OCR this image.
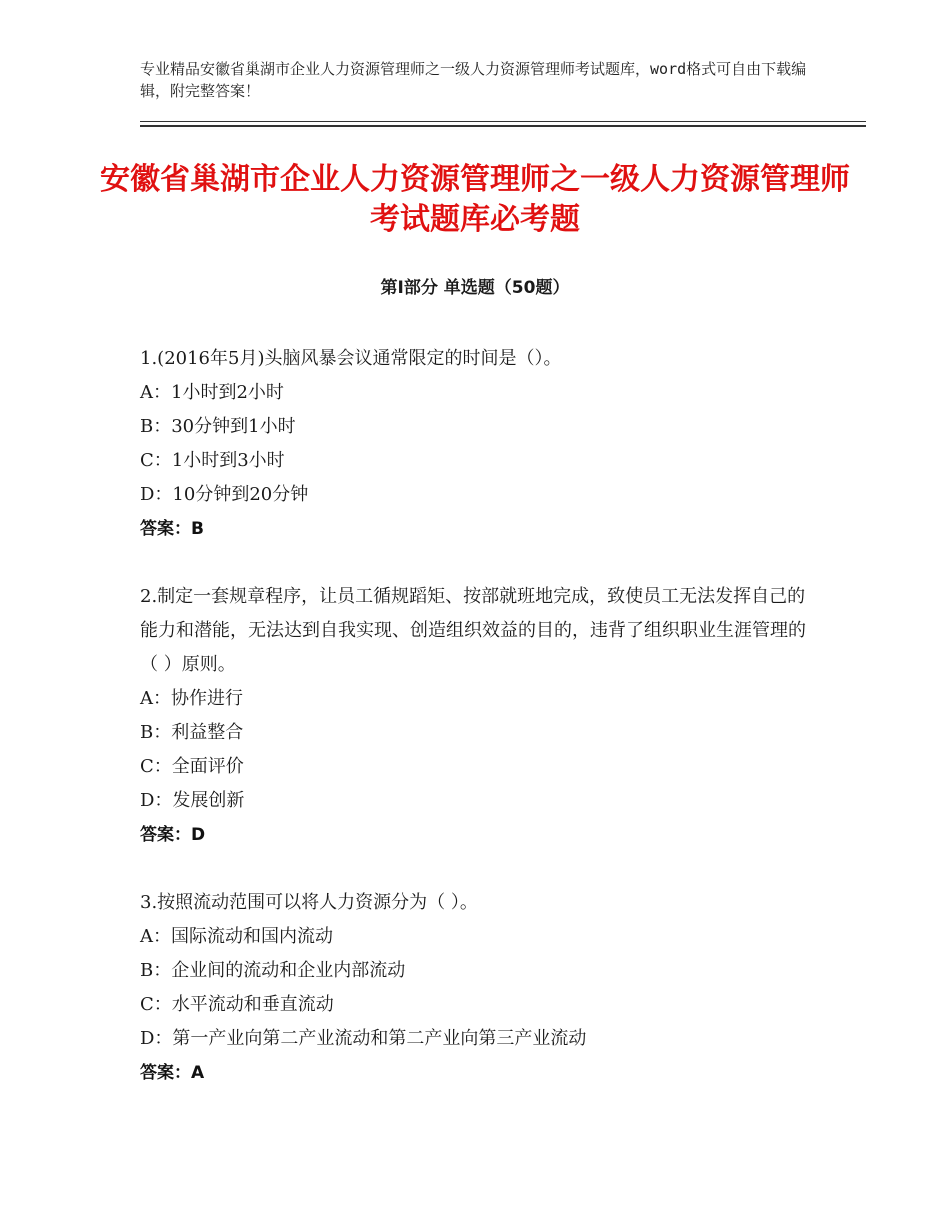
专业精品安徽省巢湖市企业人力资源管理师之一级人力资源管理师考试题库，word格式可自由下载编辑，附完整答案！
安徽省巢湖市企业人力资源管理师之一级人力资源管理师考试题库必考题
第Ⅰ部分 单选题（50题）
1.(2016年5月)头脑风暴会议通常限定的时间是（）。
A：1小时到2小时
B：30分钟到1小时
C：1小时到3小时
D：10分钟到20分钟
答案：B
2.制定一套规章程序，让员工循规蹈矩、按部就班地完成，致使员工无法发挥自己的能力和潜能，无法达到自我实现、创造组织效益的目的，违背了组织职业生涯管理的（ ）原则。
A：协作进行
B：利益整合
C：全面评价
D：发展创新
答案：D
3.按照流动范围可以将人力资源分为（ ）。
A：国际流动和国内流动
B：企业间的流动和企业内部流动
C：水平流动和垂直流动
D：第一产业向第二产业流动和第二产业向第三产业流动
答案：A
